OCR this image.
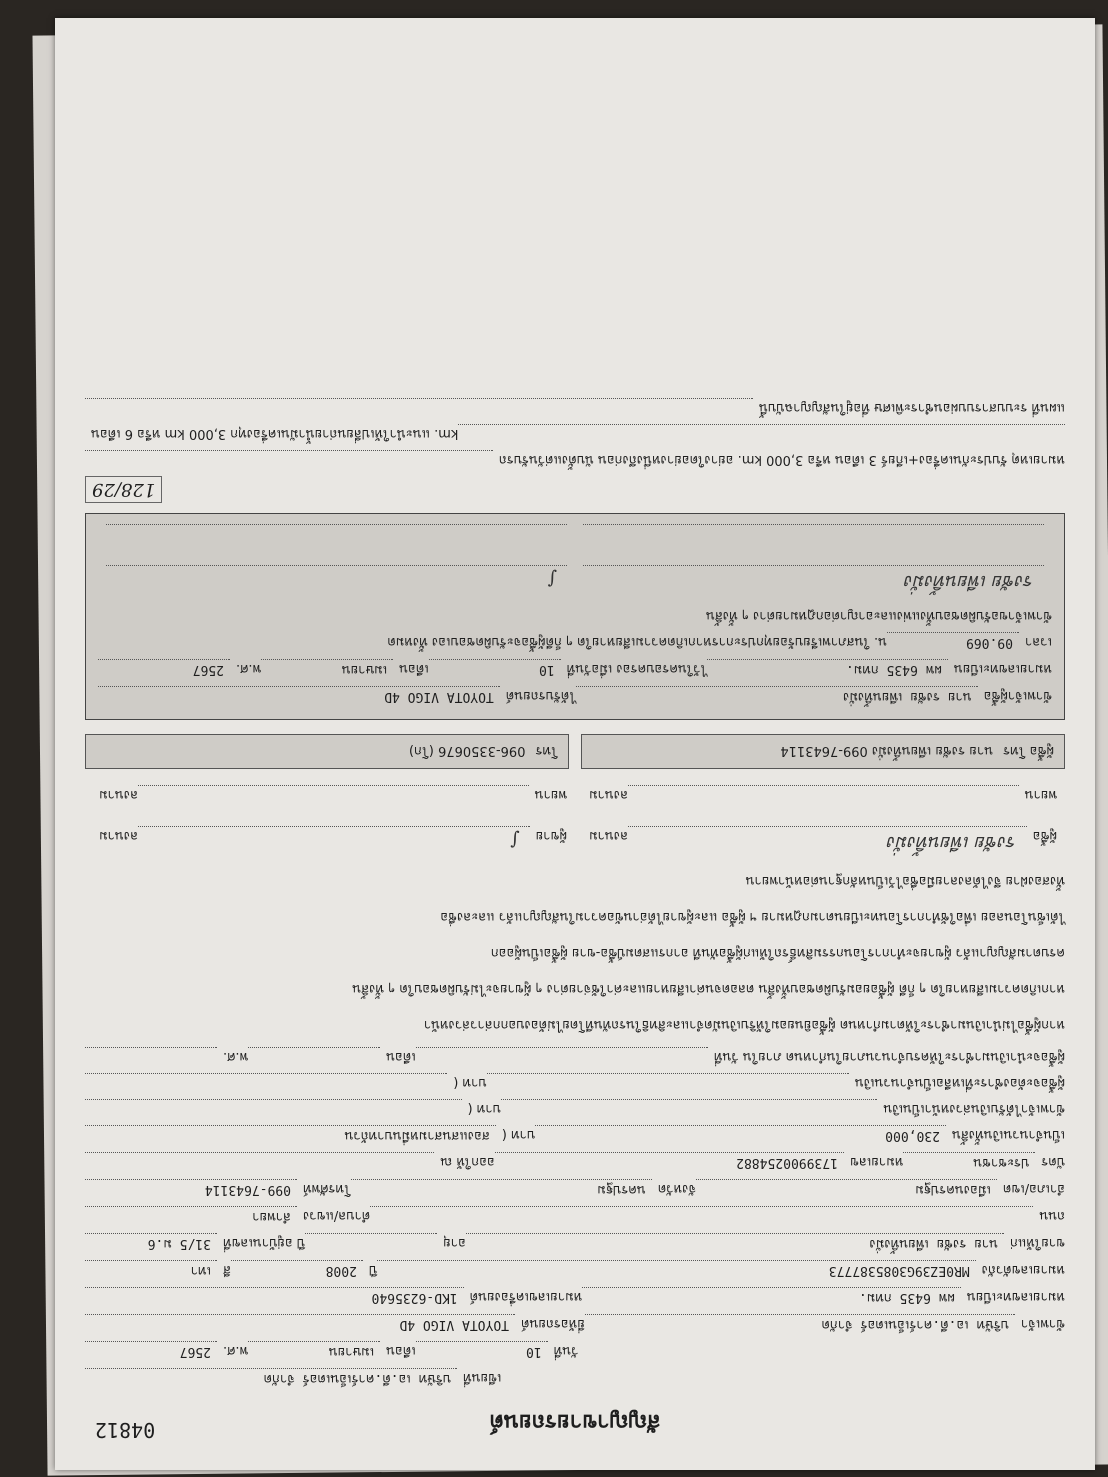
04812	สัญญาขายรถยนต์
เขียนที่
บริษัท เอ.ดี.คาร์เอ็นเตอร์ จำกัด
วันที่
10
เดือน
เมษายน
พ.ศ.
2567
ข้าพเจ้า
บริษัท เอ.ดี.คาร์เอ็นเตอร์ จำกัด
ยี่ห้อรถยนต์
TOYOTA VIGO 4D
หมายเลขทะเบียน
ผพ 6435 กทม.
หมายเลขเครื่องยนต์
1KD-6235640
หมายเลขตัวถัง
MR0EZ39G3085387773
ปี
2008
สี
เทา
ขายให้แก่
นาย รงชัย เพียนทิ้งมั่ง
อายุ
ปี อยู่บ้านเลขที่
31/5 ม.6
ถนน
ตำบล/แขวง
ลำพยา
อำเภอ/เขต
เมืองนครปฐม
จังหวัด
นครปฐม
โทรศัพท์
099-7643114
บัตร
ประชาชน
หมายเลข
1739900254882
ออกให้ ณ
เป็นจำนวนเงินทั้งสิ้น
230,000
บาท (
สองแสนสามหมื่นบาทถ้วน
ข้าพเจ้าได้รับเงินล่วงหน้าเป็นเงิน
บาท (
ผู้ซื้อจะต้องชำระที่เหลือเป็นจำนวนเงิน
บาท (
ผู้ซื้อจะนำเงินมาชำระให้ครบจำนวนภายในกำหนด ภายใน วันที่
เดือน
พ.ศ.
หากผู้ซื้อไม่นำเงินมาชำระให้ตามกำหนด ผู้ซื้อยินยอมให้ริบเงินมัดจำและสิทธิในรถทันทีโดยไม่ต้องบอกกล่าวล่วงหน้า
หากเกิดความเสียหายใด ๆ ก็ดี ผู้ซื้อยอมรับผิดชอบทั้งสิ้น ตลอดจนค่าเสียหายและค่าใช้จ่ายต่าง ๆ ผู้ขายจะไม่รับผิดชอบใด ๆ ทั้งสิ้น
ครบตามสัญญาแล้ว ผู้ขายจะทำการโอนกรรมสิทธิ์รถให้แก่ผู้ซื้อทันที อากรแสตมป์ซื้อ-ขาย ผู้ซื้อเป็นผู้ออก
ได้เซ็นโอนลอย เพื่อใช้ทำการโอนทะเบียนตามกฎหมาย ฯ ผู้ซื้อ และผู้ขายได้อ่านข้อความในสัญญาแล้ว และลงชื่อ
ทั้งสองฝ่าย จึงได้ลงลายมือชื่อไว้เป็นหลักฐานต่อหน้าพยาน
ผู้ซื้อ
รงชัย เพียนทิ้งมั่ง
ลงนาม
ผู้ขาย
∫
ลงนาม
พยาน
ลงนาม
พยาน
ลงนาม
ผู้ซื้อ โทร
นาย รงชัย เพียนทิ้งมั่ง 099-7643114
โทร
096-3350676 (โก)
ข้าพเจ้าผู้ซื้อ
นาย รงชัย เพียนทิ้งมั่ง
ได้รับรถยนต์
TOYOTA VIGO 4D
หมายเลขทะเบียน
ผพ 6435 กทม.
ไว้ในครอบครอง เมื่อวันที่
10
เดือน
เมษายน
พ.ศ.
2567
เวลา
09.069
น. ในสภาพเรียบร้อยทุกประการหากเกิดความเสียหายใด ๆ ก็ดีผู้ซื้อจะรับผิดชอบเอง ทั้งหมด
ข้าพเจ้าขอรับผิดชอบทั้งแพ่งและอาญาต่อกฎหมายต่าง ๆ ทั้งสิ้น
รงชัย เพียนทิ้งมั่ง
∫
128/29
หมายเหตุ รับประกันเครื่อง+เกียร์ 3 เดือน หรือ 3,000 km. อย่างใดอย่างหนึ่งถึงก่อน นับตั้งแต่วันรับรถ
km. แนะนำให้เปลี่ยนถ่ายน้ำมันเครื่องทุก 3,000 km หรือ 6 เดือน
แผนที่ ระบบสารบบผ่อนชำระพิเศษ ที่อยู่ในสัญญาฉบับนี้
